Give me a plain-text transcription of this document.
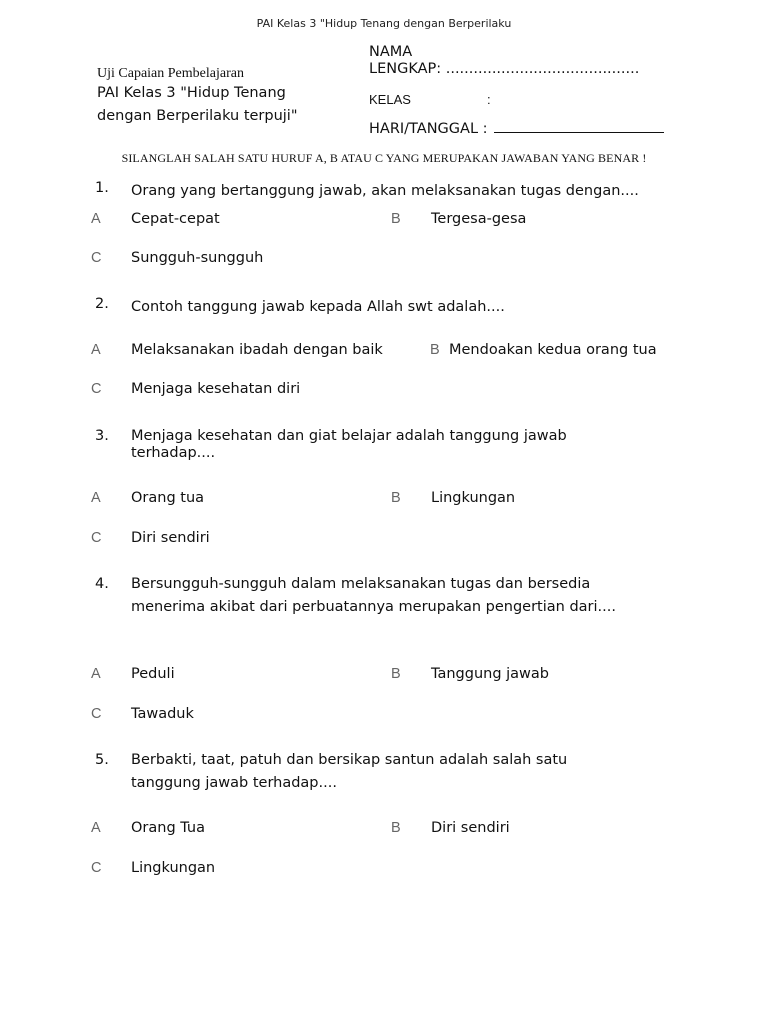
PAI Kelas 3 "Hidup Tenang dengan Berperilaku
Uji Capaian Pembelajaran
PAI Kelas 3 "Hidup Tenang
dengan Berperilaku terpuji"
NAMA
LENGKAP: ..........................................
KELAS	:
HARI/TANGGAL :
SILANGLAH SALAH SATU HURUF A, B ATAU C YANG MERUPAKAN JAWABAN YANG BENAR !
1. Orang yang bertanggung jawab, akan melaksanakan tugas dengan....
A Cepat-cepat	B Tergesa-gesa
C Sungguh-sungguh
2. Contoh tanggung jawab kepada Allah swt adalah....
A Melaksanakan ibadah dengan baik	B Mendoakan kedua orang tua
C Menjaga kesehatan diri
3. Menjaga kesehatan dan giat belajar adalah tanggung jawab terhadap....
A Orang tua	B Lingkungan
C Diri sendiri
4. Bersungguh-sungguh dalam melaksanakan tugas dan bersedia menerima akibat dari perbuatannya merupakan pengertian dari....
A Peduli	B Tanggung jawab
C Tawaduk
5. Berbakti, taat, patuh dan bersikap santun adalah salah satu tanggung jawab terhadap....
A Orang Tua	B Diri sendiri
C Lingkungan
